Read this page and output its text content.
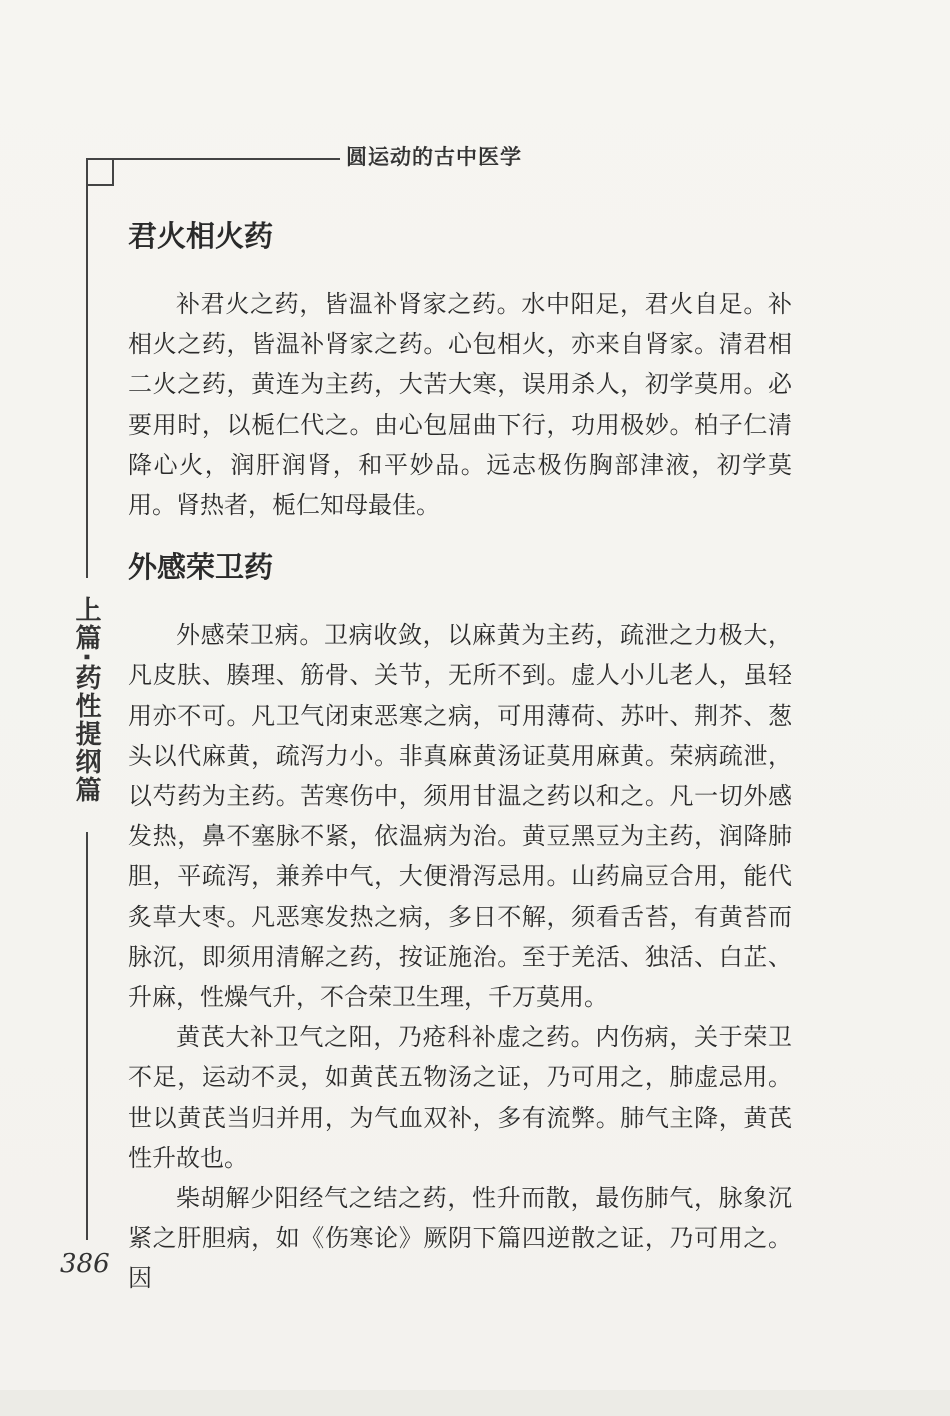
圆运动的古中医学
上篇·药性提纲篇
386
君火相火药

补君火之药，皆温补肾家之药。水中阳足，君火自足。补相火之药，皆温补肾家之药。心包相火，亦来自肾家。清君相二火之药，黄连为主药，大苦大寒，误用杀人，初学莫用。必要用时，以栀仁代之。由心包屈曲下行，功用极妙。柏子仁清降心火，润肝润肾，和平妙品。远志极伤胸部津液，初学莫用。肾热者，栀仁知母最佳。

外感荣卫药

外感荣卫病。卫病收敛，以麻黄为主药，疏泄之力极大，凡皮肤、腠理、筋骨、关节，无所不到。虚人小儿老人，虽轻用亦不可。凡卫气闭束恶寒之病，可用薄荷、苏叶、荆芥、葱头以代麻黄，疏泻力小。非真麻黄汤证莫用麻黄。荣病疏泄，以芍药为主药。苦寒伤中，须用甘温之药以和之。凡一切外感发热，鼻不塞脉不紧，依温病为治。黄豆黑豆为主药，润降肺胆，平疏泻，兼养中气，大便滑泻忌用。山药扁豆合用，能代炙草大枣。凡恶寒发热之病，多日不解，须看舌苔，有黄苔而脉沉，即须用清解之药，按证施治。至于羌活、独活、白芷、升麻，性燥气升，不合荣卫生理，千万莫用。

黄芪大补卫气之阳，乃疮科补虚之药。内伤病，关于荣卫不足，运动不灵，如黄芪五物汤之证，乃可用之，肺虚忌用。世以黄芪当归并用，为气血双补，多有流弊。肺气主降，黄芪性升故也。

柴胡解少阳经气之结之药，性升而散，最伤肺气，脉象沉紧之肝胆病，如《伤寒论》厥阴下篇四逆散之证，乃可用之。因
